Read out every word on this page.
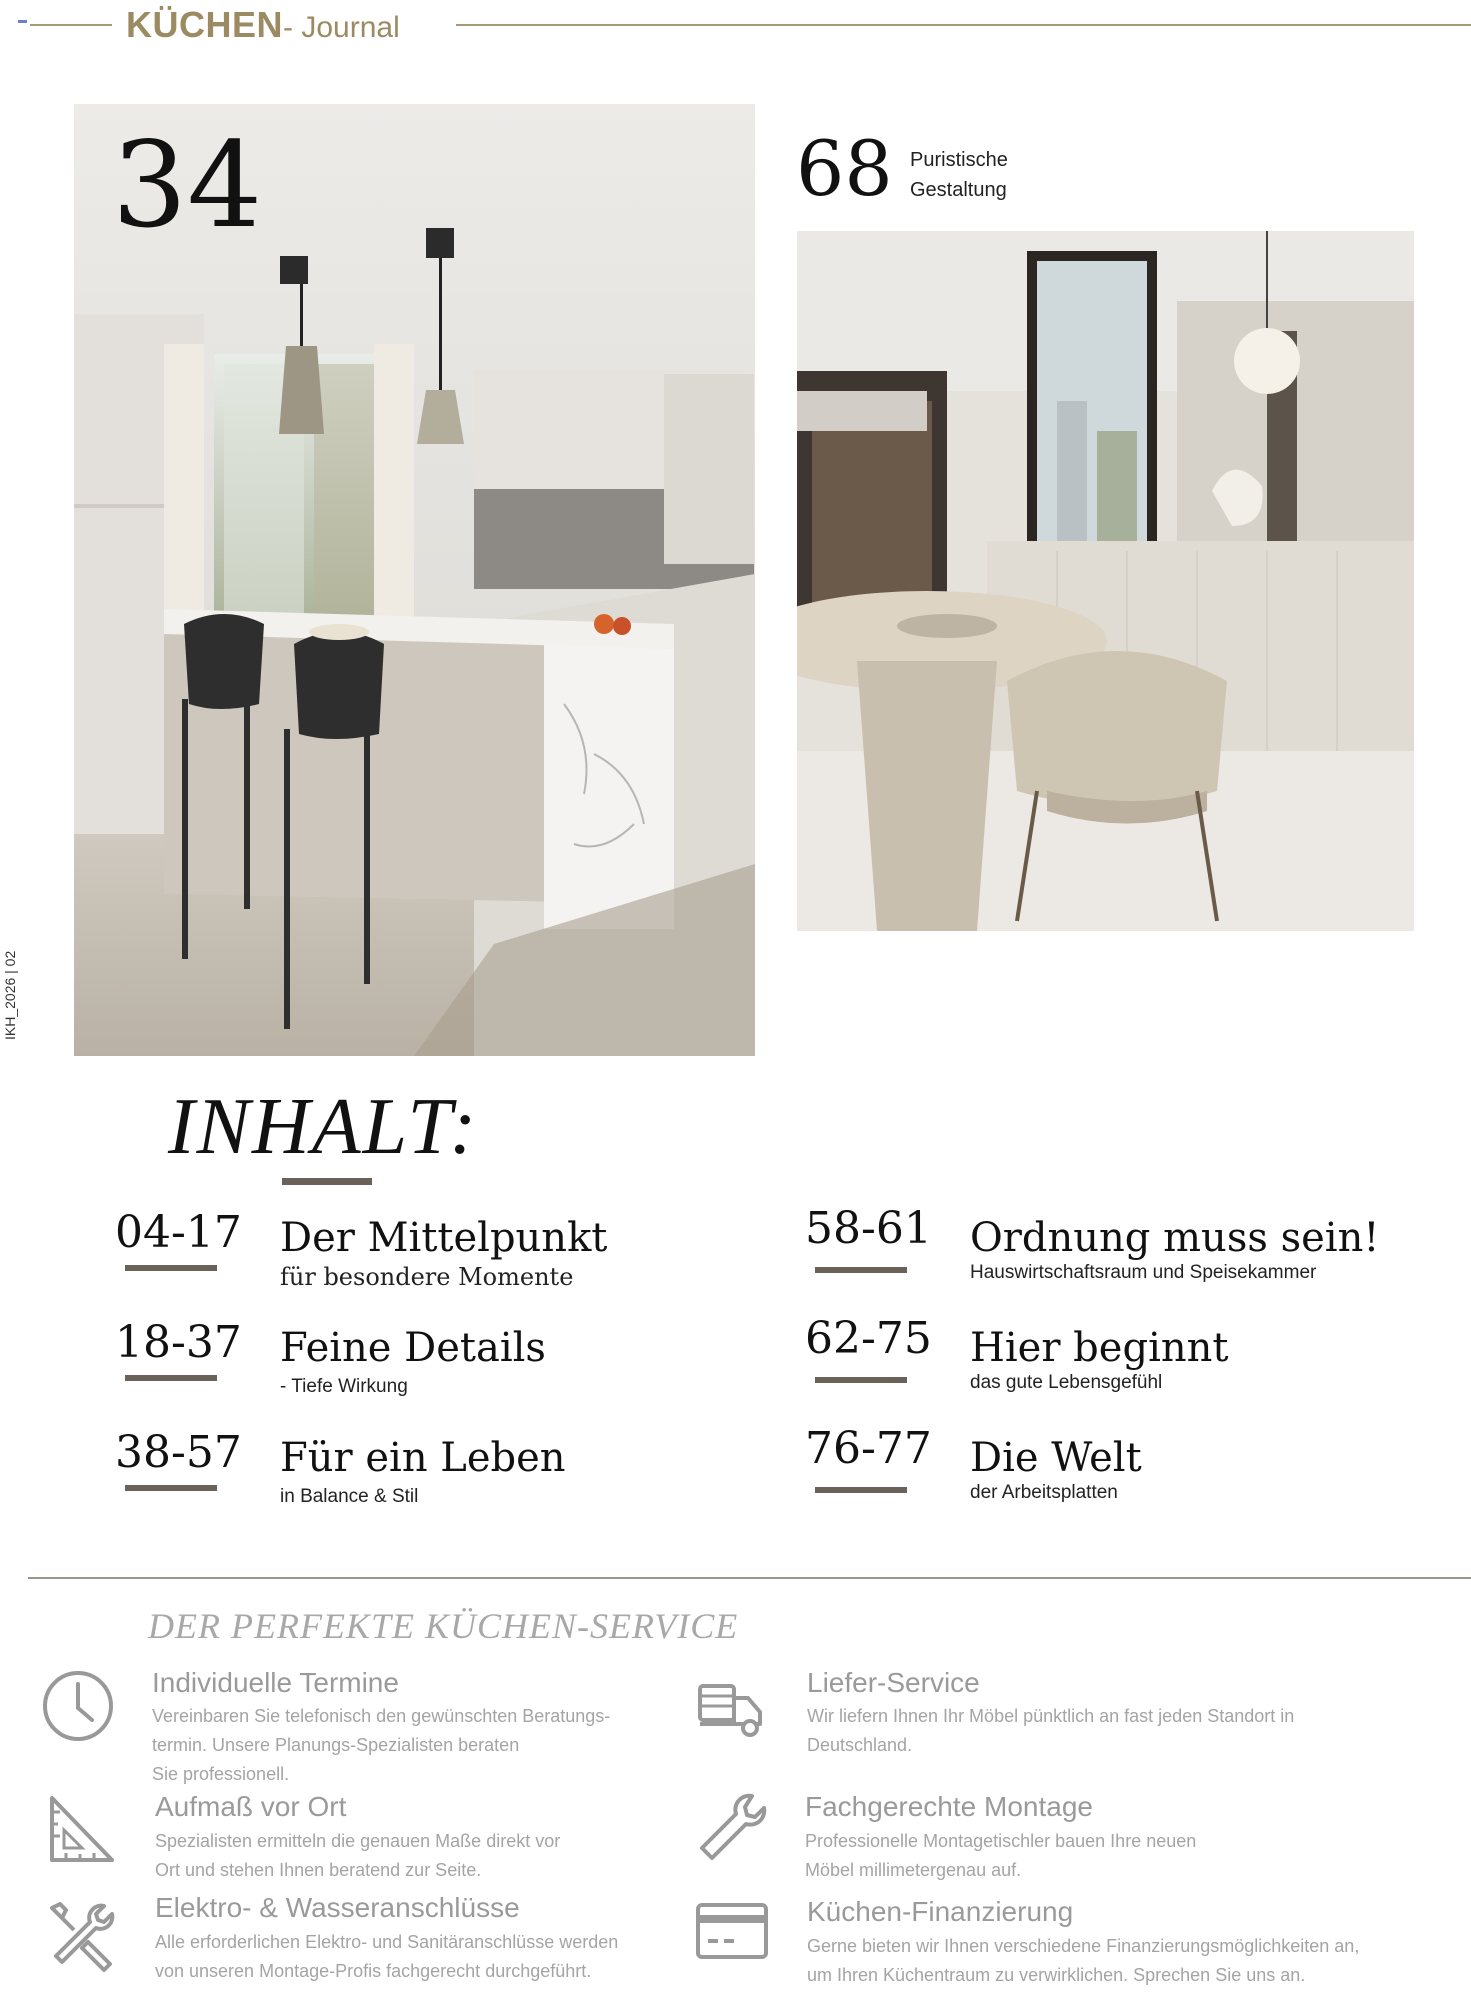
KÜCHEN- Journal
IKH_2026 | 02
34	68 Puristische
Gestaltung
INHALT:
04-17 Der Mittelpunkt
für besondere Momente
18-37 Feine Details
- Tiefe Wirkung
38-57 Für ein Leben
in Balance & Stil
58-61 Ordnung muss sein!
Hauswirtschaftsraum und Speisekammer
62-75 Hier beginnt
das gute Lebensgefühl
76-77 Die Welt
der Arbeitsplatten
DER PERFEKTE KÜCHEN-SERVICE
Individuelle Termine
Vereinbaren Sie telefonisch den gewünschten Beratungs-
termin. Unsere Planungs-Spezialisten beraten
Sie professionell.
Aufmaß vor Ort
Spezialisten ermitteln die genauen Maße direkt vor
Ort und stehen Ihnen beratend zur Seite.
Elektro- & Wasseranschlüsse
Alle erforderlichen Elektro- und Sanitäranschlüsse werden
von unseren Montage-Profis fachgerecht durchgeführt.
Liefer-Service
Wir liefern Ihnen Ihr Möbel pünktlich an fast jeden Standort in
Deutschland.
Fachgerechte Montage
Professionelle Montagetischler bauen Ihre neuen
Möbel millimetergenau auf.
Küchen-Finanzierung
Gerne bieten wir Ihnen verschiedene Finanzierungsmöglichkeiten an,
um Ihren Küchentraum zu verwirklichen. Sprechen Sie uns an.
